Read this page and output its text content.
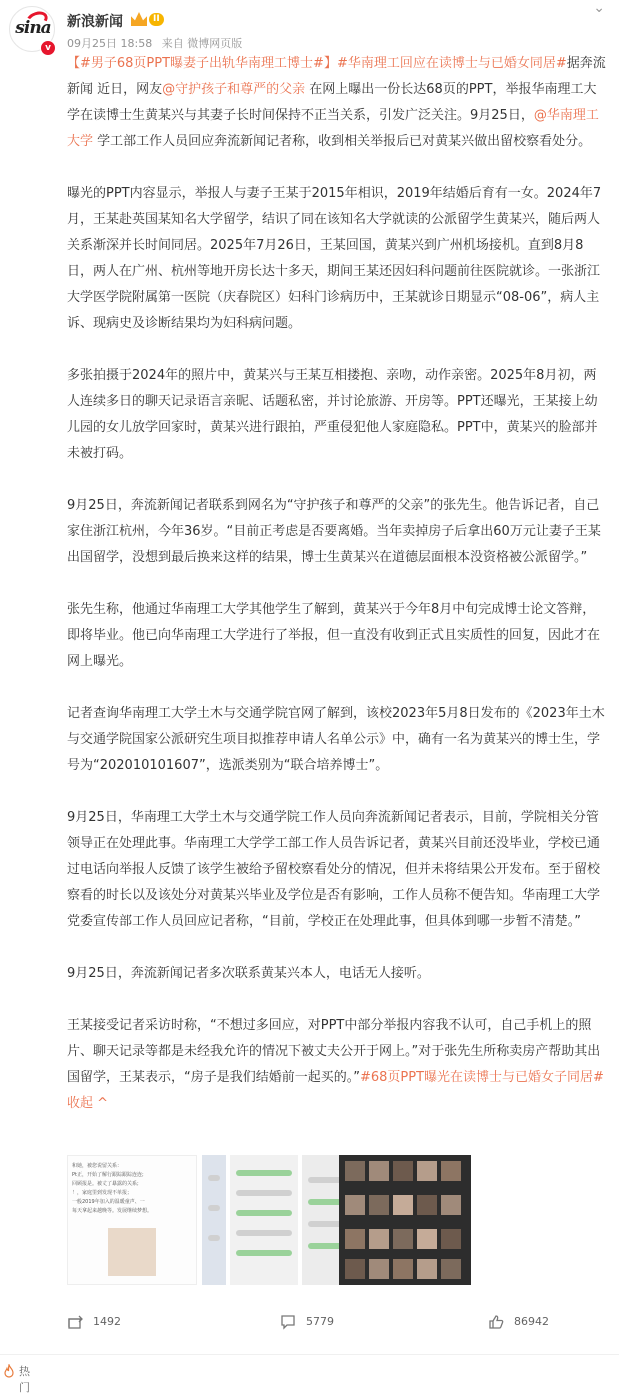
sina
v
新浪新闻	II
09月25日 18:58 来自 微博网页版
⌄

【#男子68页PPT曝妻子出轨华南理工博士#】#华南理工回应在读博士与已婚女同居#据奔流新闻 近日，网友@守护孩子和尊严的父亲 在网上曝出一份长达68页的PPT，举报华南理工大学在读博士生黄某兴与其妻子长时间保持不正当关系，引发广泛关注。9月25日，@华南理工大学 学工部工作人员回应奔流新闻记者称，收到相关举报后已对黄某兴做出留校察看处分。

曝光的PPT内容显示，举报人与妻子王某于2015年相识，2019年结婚后育有一女。2024年7月，王某赴英国某知名大学留学，结识了同在该知名大学就读的公派留学生黄某兴，随后两人关系渐深并长时间同居。2025年7月26日，王某回国，黄某兴到广州机场接机。直到8月8日，两人在广州、杭州等地开房长达十多天，期间王某还因妇科问题前往医院就诊。一张浙江大学医学院附属第一医院（庆春院区）妇科门诊病历中，王某就诊日期显示“08-06”，病人主诉、现病史及诊断结果均为妇科病问题。

多张拍摄于2024年的照片中，黄某兴与王某互相搂抱、亲吻，动作亲密。2025年8月初，两人连续多日的聊天记录语言亲昵、话题私密，并讨论旅游、开房等。PPT还曝光，王某接上幼儿园的女儿放学回家时，黄某兴进行跟拍，严重侵犯他人家庭隐私。PPT中，黄某兴的脸部并未被打码。

9月25日，奔流新闻记者联系到网名为“守护孩子和尊严的父亲”的张先生。他告诉记者，自己家住浙江杭州，今年36岁。“目前正考虑是否要离婚。当年卖掉房子后拿出60万元让妻子王某出国留学，没想到最后换来这样的结果，博士生黄某兴在道德层面根本没资格被公派留学。”

张先生称，他通过华南理工大学其他学生了解到，黄某兴于今年8月中旬完成博士论文答辩，即将毕业。他已向华南理工大学进行了举报，但一直没有收到正式且实质性的回复，因此才在网上曝光。

记者查询华南理工大学土木与交通学院官网了解到，该校2023年5月8日发布的《2023年土木与交通学院国家公派研究生项目拟推荐申请人名单公示》中，确有一名为黄某兴的博士生，学号为“202010101607”，选派类别为“联合培养博士”。

9月25日，华南理工大学土木与交通学院工作人员向奔流新闻记者表示，目前，学院相关分管领导正在处理此事。华南理工大学学工部工作人员告诉记者，黄某兴目前还没毕业，学校已通过电话向举报人反馈了该学生被给予留校察看处分的情况，但并未将结果公开发布。至于留校察看的时长以及该处分对黄某兴毕业及学位是否有影响，工作人员称不便告知。华南理工大学党委宣传部工作人员回应记者称，“目前，学校正在处理此事，但具体到哪一步暂不清楚。”

9月25日，奔流新闻记者多次联系黄某兴本人，电话无人接听。

王某接受记者采访时称，“不想过多回应，对PPT中部分举报内容我不认可，自己手机上的照片、聊天记录等都是未经我允许的情况下被丈夫公开于网上。”对于张先生所称卖房产帮助其出国留学，王某表示，“房子是我们结婚前一起买的。”#68页PPT曝光在读博士与已婚女子同居# 收起 ^

和她，被您说留关系：
Pt正，开始了解行跟踪跟踪连连;
回顾报是。被丈了暴露的关系;
！，家庭里到发现不单报；
一般2019年加入的温暖童声、一
每天拿起来越晚等。发展继续梦想。
1492	5779	86942
热门
